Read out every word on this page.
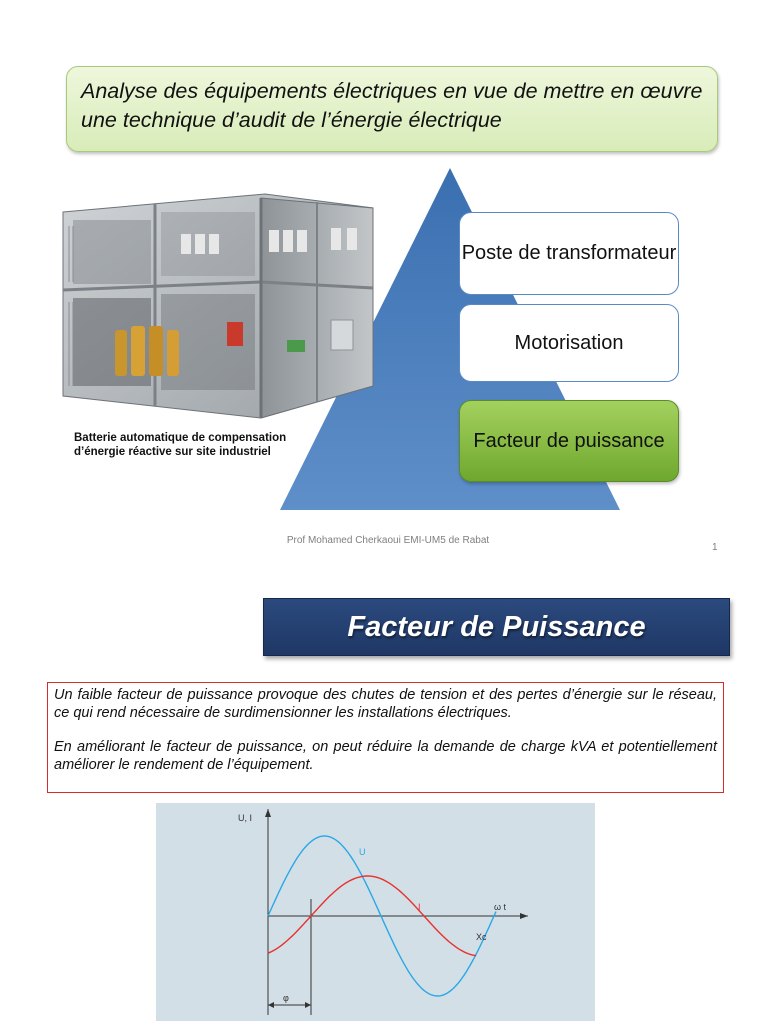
Analyse des équipements électriques en vue de mettre en œuvre une technique d’audit de l’énergie électrique
Batterie automatique de compensation d’énergie réactive sur site industriel
Poste de transformateur
Motorisation
Facteur de puissance
Prof Mohamed Cherkaoui EMI-UM5 de Rabat
1
Facteur de Puissance

Un faible facteur de puissance provoque des chutes de tension et des pertes d’énergie sur le réseau, ce qui rend nécessaire de surdimensionner les installations électriques.

En améliorant le facteur de puissance, on peut réduire la demande de charge kVA et potentiellement améliorer le rendement de l’équipement.

U, I
ω t
U
I
Xc
φ
